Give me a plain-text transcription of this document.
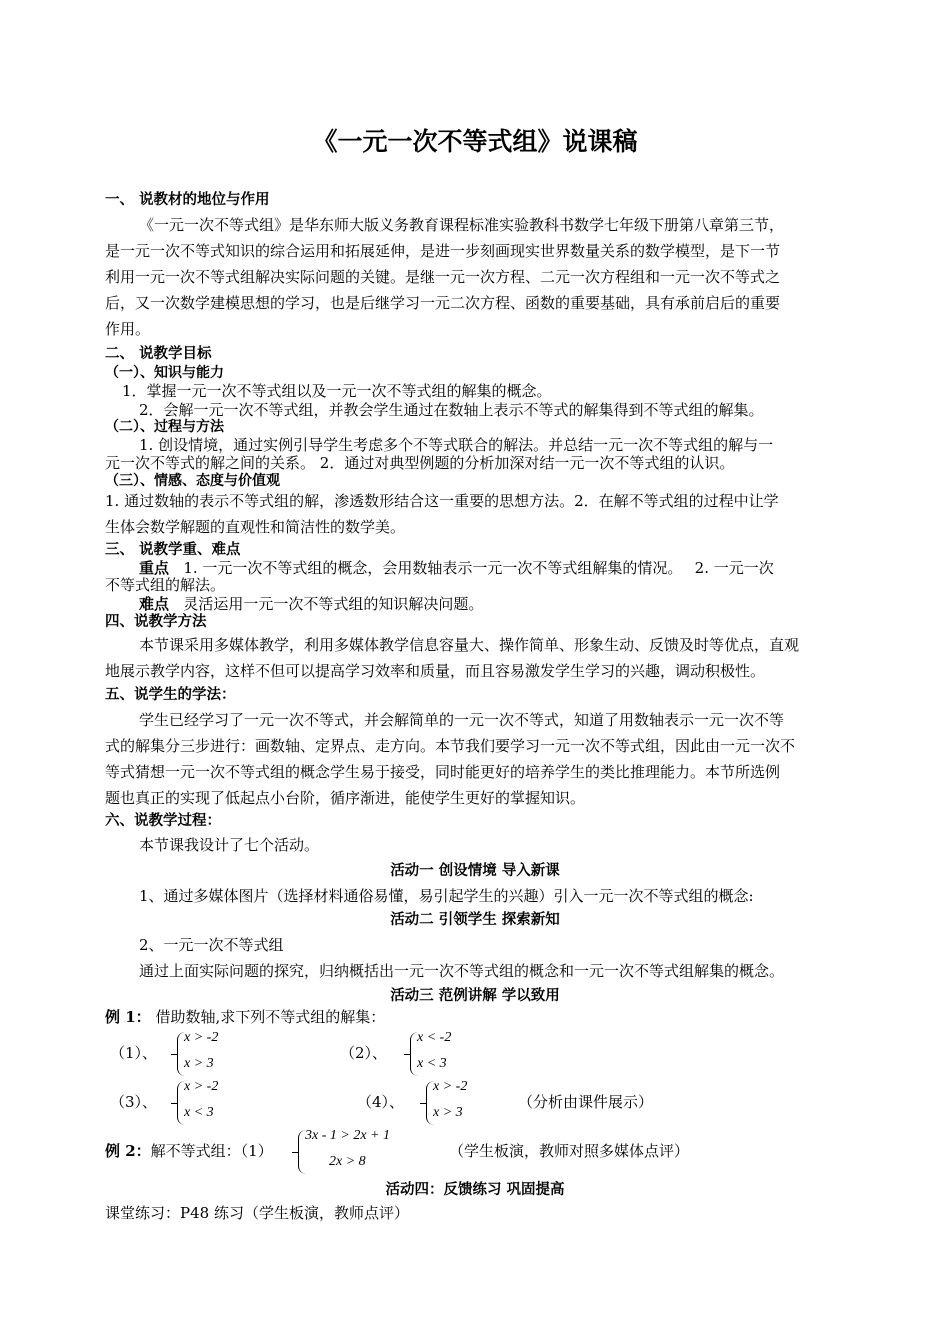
《一元一次不等式组》说课稿
一、 说教材的地位与作用
《一元一次不等式组》是华东师大版义务教育课程标准实验教科书数学七年级下册第八章第三节，
是一元一次不等式知识的综合运用和拓展延伸，是进一步刻画现实世界数量关系的数学模型，是下一节
利用一元一次不等式组解决实际问题的关键。是继一元一次方程、二元一次方程组和一元一次不等式之
后，又一次数学建模思想的学习，也是后继学习一元二次方程、函数的重要基础，具有承前启后的重要
作用。
二、 说教学目标
（一）、知识与能力
1．掌握一元一次不等式组以及一元一次不等式组的解集的概念。
2．会解一元一次不等式组，并教会学生通过在数轴上表示不等式的解集得到不等式组的解集。
（二）、过程与方法
1. 创设情境，通过实例引导学生考虑多个不等式联合的解法。并总结一元一次不等式组的解与一
元一次不等式的解之间的关系。 2．通过对典型例题的分析加深对结一元一次不等式组的认识。
（三）、情感、态度与价值观
1. 通过数轴的表示不等式组的解，渗透数形结合这一重要的思想方法。2．在解不等式组的过程中让学
生体会数学解题的直观性和简洁性的数学美。
三、 说教学重、难点
重点 1. 一元一次不等式组的概念，会用数轴表示一元一次不等式组解集的情况。　 2. 一元一次
不等式组的解法。
难点 灵活运用一元一次不等式组的知识解决问题。
四、说教学方法
本节课采用多媒体教学，利用多媒体教学信息容量大、操作简单、形象生动、反馈及时等优点，直观
地展示教学内容，这样不但可以提高学习效率和质量，而且容易激发学生学习的兴趣，调动积极性。
五、说学生的学法：
学生已经学习了一元一次不等式，并会解简单的一元一次不等式，知道了用数轴表示一元一次不等
式的解集分三步进行：画数轴、定界点、走方向。本节我们要学习一元一次不等式组，因此由一元一次不
等式猜想一元一次不等式组的概念学生易于接受，同时能更好的培养学生的类比推理能力。本节所选例
题也真正的实现了低起点小台阶，循序渐进，能使学生更好的掌握知识。
六、说教学过程：
本节课我设计了七个活动。
活动一 创设情境 导入新课
1、通过多媒体图片（选择材料通俗易懂，易引起学生的兴趣）引入一元一次不等式组的概念:
活动二 引领学生 探索新知
2、一元一次不等式组
通过上面实际问题的探究，归纳概括出一元一次不等式组的概念和一元一次不等式组解集的概念。
活动三 范例讲解 学以致用
例 1： 借助数轴,求下列不等式组的解集：
（1）、
x > -2
x > 3
（2）、
x < -2
x < 3
（3）、
x > -2
x < 3
（4）、
x > -2
x > 3
（分析由课件展示）
例 2：解不等式组：（1）
3x - 1 > 2x + 1
2x > 8
（学生板演，教师对照多媒体点评）
活动四：反馈练习 巩固提高
课堂练习：P48 练习（学生板演，教师点评）
